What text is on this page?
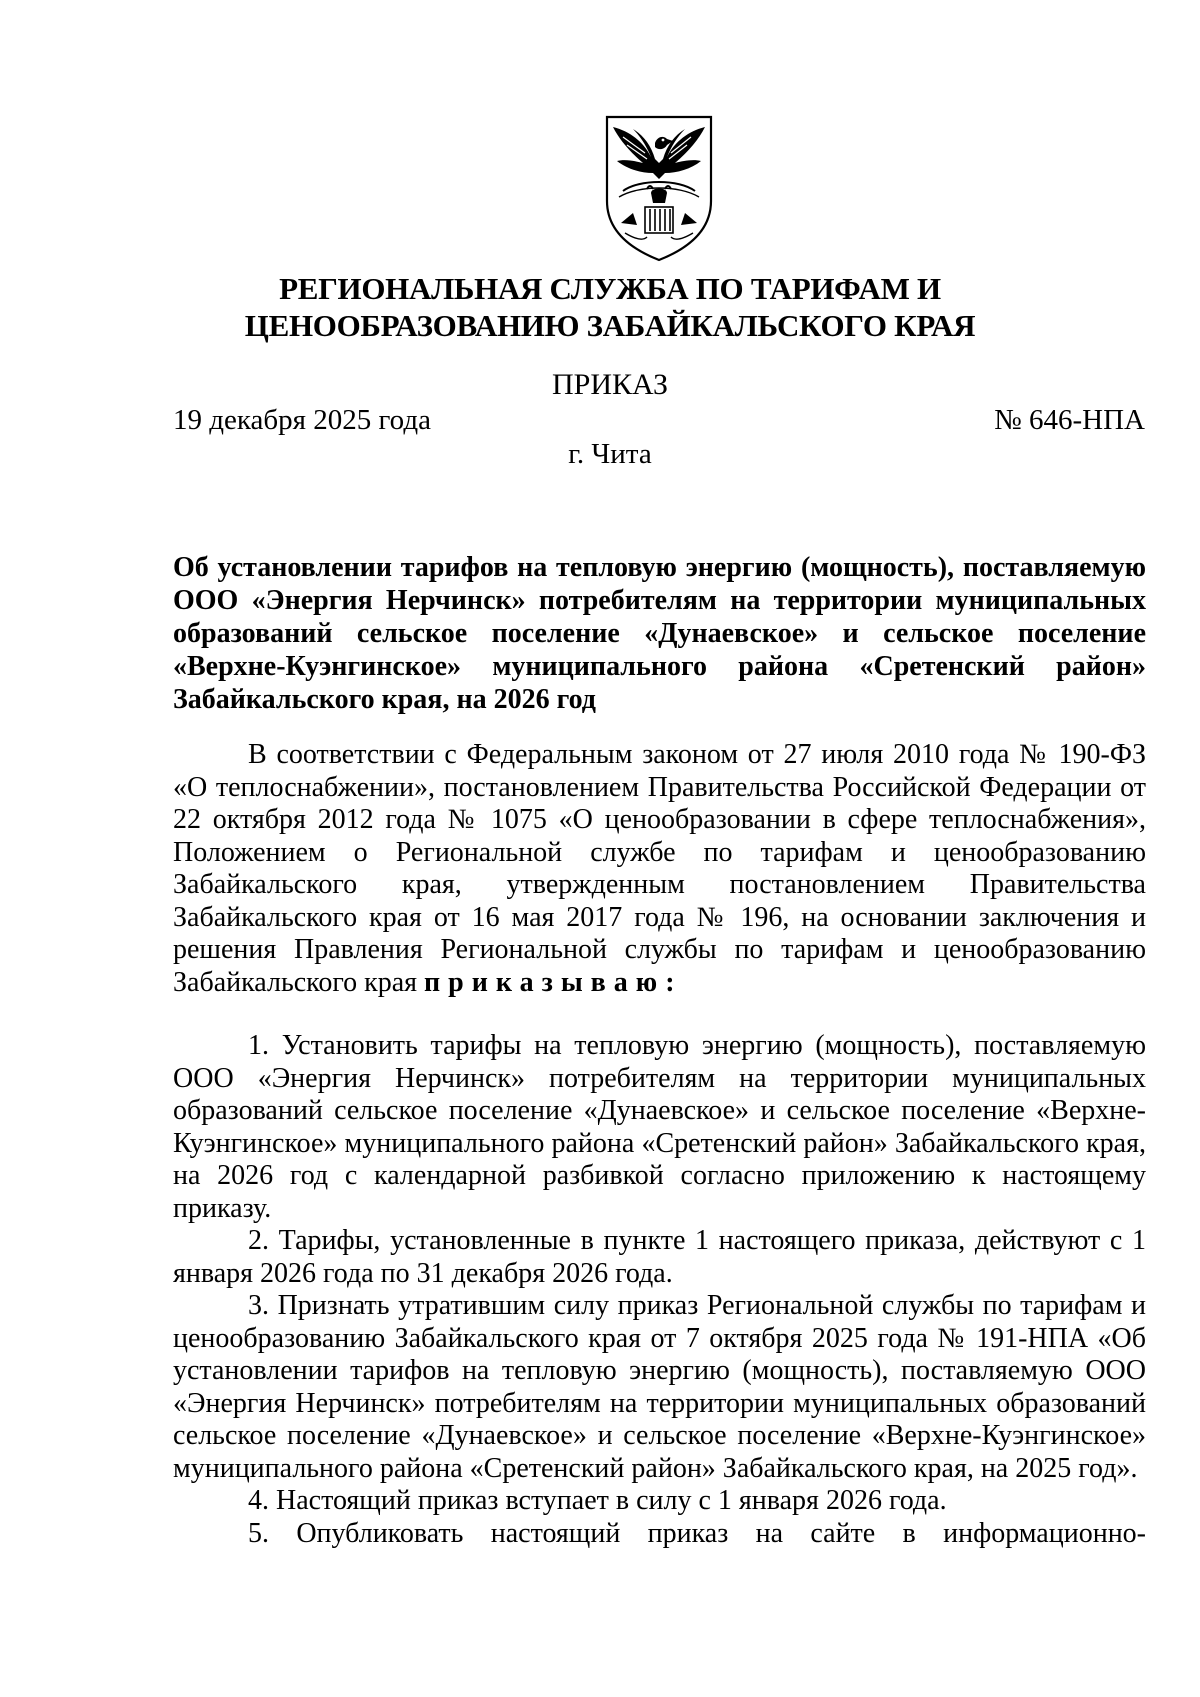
РЕГИОНАЛЬНАЯ СЛУЖБА ПО ТАРИФАМ И
ЦЕНООБРАЗОВАНИЮ ЗАБАЙКАЛЬСКОГО КРАЯ
ПРИКАЗ
19 декабря 2025 года	№ 646-НПА
г. Чита
Об установлении тарифов на тепловую энергию (мощность), поставляемую ООО «Энергия Нерчинск» потребителям на территории муниципальных образований сельское поселение «Дунаевское» и сельское поселение «Верхне-Куэнгинское» муниципального района «Сретенский район» Забайкальского края, на 2026 год

В соответствии с Федеральным законом от 27 июля 2010 года № 190-ФЗ «О теплоснабжении», постановлением Правительства Российской Федерации от 22 октября 2012 года № 1075 «О ценообразовании в сфере теплоснабжения», Положением о Региональной службе по тарифам и ценообразованию Забайкальского края, утвержденным постановлением Правительства Забайкальского края от 16 мая 2017 года № 196, на основании заключения и решения Правления Региональной службы по тарифам и ценообразованию Забайкальского края приказываю:

1. Установить тарифы на тепловую энергию (мощность), поставляемую ООО «Энергия Нерчинск» потребителям на территории муниципальных образований сельское поселение «Дунаевское» и сельское поселение «Верхне-Куэнгинское» муниципального района «Сретенский район» Забайкальского края, на 2026 год с календарной разбивкой согласно приложению к настоящему приказу.

2. Тарифы, установленные в пункте 1 настоящего приказа, действуют с 1 января 2026 года по 31 декабря 2026 года.

3. Признать утратившим силу приказ Региональной службы по тарифам и ценообразованию Забайкальского края от 7 октября 2025 года № 191-НПА «Об установлении тарифов на тепловую энергию (мощность), поставляемую ООО «Энергия Нерчинск» потребителям на территории муниципальных образований сельское поселение «Дунаевское» и сельское поселение «Верхне-Куэнгинское» муниципального района «Сретенский район» Забайкальского края, на 2025 год».

4. Настоящий приказ вступает в силу с 1 января 2026 года.

5. Опубликовать настоящий приказ на сайте в информационно-
